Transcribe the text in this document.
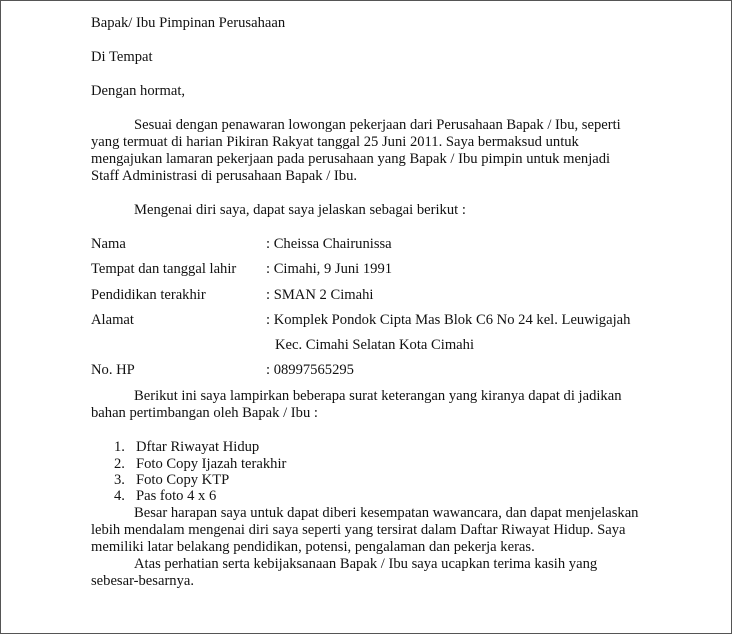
Bapak/ Ibu Pimpinan Perusahaan
Di Tempat
Dengan hormat,
Sesuai dengan penawaran lowongan pekerjaan dari Perusahaan Bapak / Ibu, seperti
yang termuat di harian Pikiran Rakyat tanggal 25 Juni 2011. Saya bermaksud untuk
mengajukan lamaran pekerjaan pada perusahaan yang Bapak / Ibu pimpin untuk menjadi
Staff Administrasi di perusahaan Bapak / Ibu.
Mengenai diri saya, dapat saya jelaskan sebagai berikut :
Nama	: Cheissa Chairunissa
Tempat dan tanggal lahir : Cimahi, 9 Juni 1991
Pendidikan terakhir	: SMAN 2 Cimahi
Alamat	: Komplek Pondok Cipta Mas Blok C6 No 24 kel. Leuwigajah
Kec. Cimahi Selatan Kota Cimahi
No. HP	: 08997565295
Berikut ini saya lampirkan beberapa surat keterangan yang kiranya dapat di jadikan
bahan pertimbangan oleh Bapak / Ibu :
1. Dftar Riwayat Hidup
2. Foto Copy Ijazah terakhir
3. Foto Copy KTP
4. Pas foto 4 x 6
Besar harapan saya untuk dapat diberi kesempatan wawancara, dan dapat menjelaskan
lebih mendalam mengenai diri saya seperti yang tersirat dalam Daftar Riwayat Hidup. Saya
memiliki latar belakang pendidikan, potensi, pengalaman dan pekerja keras.
Atas perhatian serta kebijaksanaan Bapak / Ibu saya ucapkan terima kasih yang
sebesar-besarnya.
